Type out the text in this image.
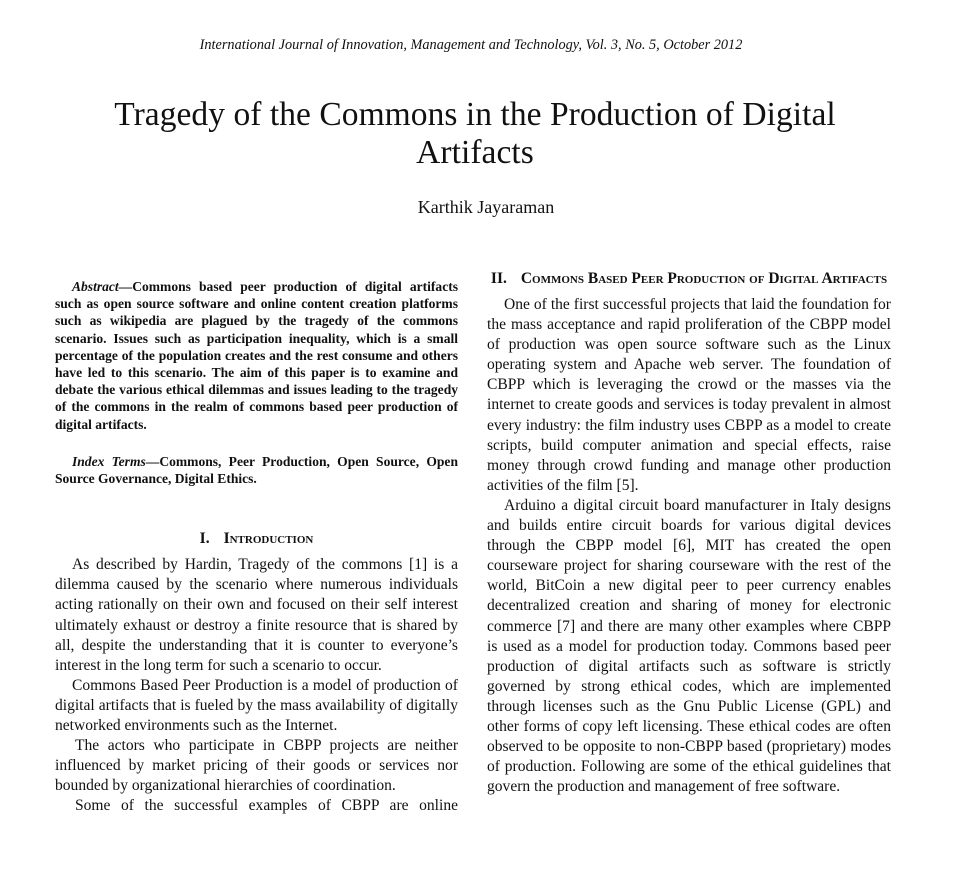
International Journal of Innovation, Management and Technology, Vol. 3, No. 5, October 2012
Tragedy of the Commons in the Production of Digital Artifacts
Karthik Jayaraman

Abstract—Commons based peer production of digital artifacts such as open source software and online content creation platforms such as wikipedia are plagued by the tragedy of the commons scenario. Issues such as participation inequality, which is a small percentage of the population creates and the rest consume and others have led to this scenario. The aim of this paper is to examine and debate the various ethical dilemmas and issues leading to the tragedy of the commons in the realm of commons based peer production of digital artifacts.

Index Terms—Commons, Peer Production, Open Source, Open Source Governance, Digital Ethics.

I. Introduction

As described by Hardin, Tragedy of the commons [1] is a dilemma caused by the scenario where numerous individuals acting rationally on their own and focused on their self interest ultimately exhaust or destroy a finite resource that is shared by all, despite the understanding that it is counter to everyone’s interest in the long term for such a scenario to occur.

Commons Based Peer Production is a model of production of digital artifacts that is fueled by the mass availability of digitally networked environments such as the Internet.

The actors who participate in CBPP projects are neither influenced by market pricing of their goods or services nor bounded by organizational hierarchies of coordination.

Some of the successful examples of CBPP are online

II. Commons Based Peer Production of Digital Artifacts

One of the first successful projects that laid the foundation for the mass acceptance and rapid proliferation of the CBPP model of production was open source software such as the Linux operating system and Apache web server. The foundation of CBPP which is leveraging the crowd or the masses via the internet to create goods and services is today prevalent in almost every industry: the film industry uses CBPP as a model to create scripts, build computer animation and special effects, raise money through crowd funding and manage other production activities of the film [5].

Arduino a digital circuit board manufacturer in Italy designs and builds entire circuit boards for various digital devices through the CBPP model [6], MIT has created the open courseware project for sharing courseware with the rest of the world, BitCoin a new digital peer to peer currency enables decentralized creation and sharing of money for electronic commerce [7] and there are many other examples where CBPP is used as a model for production today. Commons based peer production of digital artifacts such as software is strictly governed by strong ethical codes, which are implemented through licenses such as the Gnu Public License (GPL) and other forms of copy left licensing. These ethical codes are often observed to be opposite to non-CBPP based (proprietary) modes of production. Following are some of the ethical guidelines that govern the production and management of free software.
